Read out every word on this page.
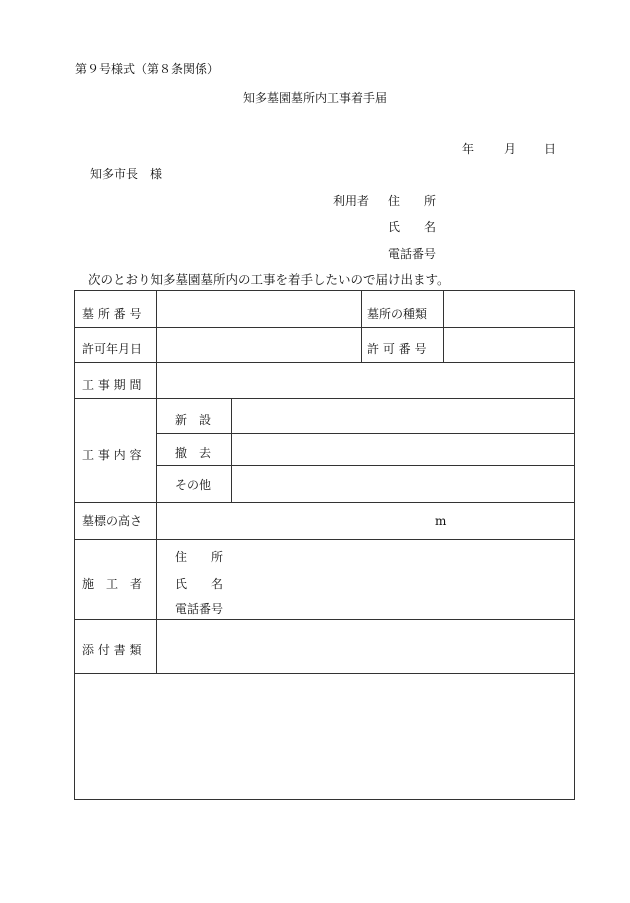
第９号様式（第８条関係）
知多墓園墓所内工事着手届
年 月 日
知多市長　様
利用者 住　　所
氏　　名
電話番号
次のとおり知多墓園墓所内の工事を着手したいので届け出ます。
墓 所 番 号	墓所の種類
許可年月日	許 可 番 号
工 事 期 間
工 事 内 容
新　設
撤　去
その他
墓標の高さ	m
施　工　者
住　　所
氏　　名
電話番号
添 付 書 類
